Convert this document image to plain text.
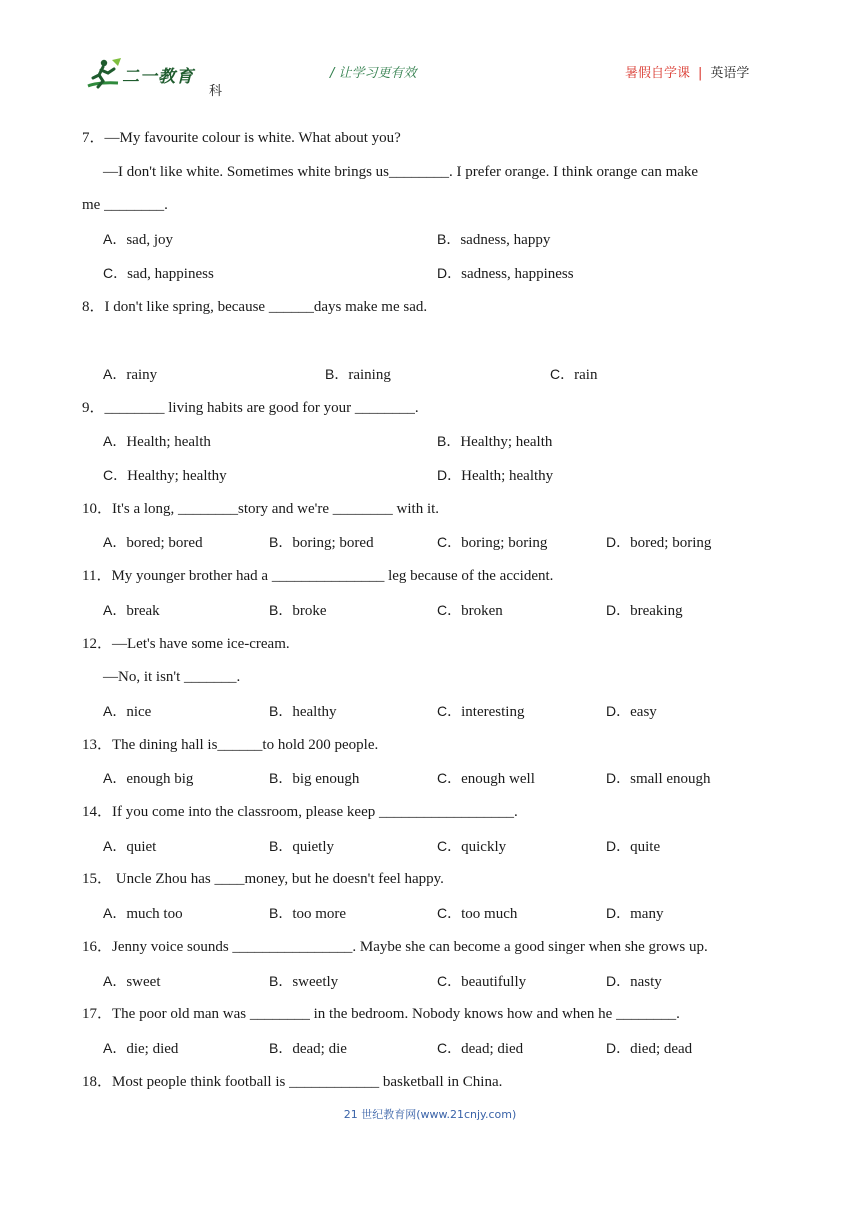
二一教育
科
/ 让学习更有效	暑假自学课 | 英语学
7．—My favourite colour is white. What about you?
—I don't like white. Sometimes white brings us________. I prefer orange. I think orange can make
me ________.
A．sad, joy	B．sadness, happy
C．sad, happiness	D．sadness, happiness
8．I don't like spring, because ______days make me sad.
A．rainy	B．raining	C．rain
9．________ living habits are good for your ________.
A．Health; health	B．Healthy; health
C．Healthy; healthy	D．Health; healthy
10．It's a long, ________story and we're ________ with it.
A．bored; bored	B．boring; bored	C．boring; boring	D．bored; boring
11．My younger brother had a _______________ leg because of the accident.
A．break	B．broke	C．broken	D．breaking
12．—Let's have some ice-cream.
—No, it isn't _______.
A．nice	B．healthy	C．interesting	D．easy
13．The dining hall is______to hold 200 people.
A．enough big	B．big enough	C．enough well	D．small enough
14．If you come into the classroom, please keep __________________.
A．quiet	B．quietly	C．quickly	D．quite
15． Uncle Zhou has ____money, but he doesn't feel happy.
A．much too	B．too more	C．too much	D．many
16．Jenny voice sounds ________________. Maybe she can become a good singer when she grows up.
A．sweet	B．sweetly	C．beautifully	D．nasty
17．The poor old man was ________ in the bedroom. Nobody knows how and when he ________.
A．die; died	B．dead; die	C．dead; died	D．died; dead
18．Most people think football is ____________ basketball in China.
21 世纪教育网(www.21cnjy.com)
